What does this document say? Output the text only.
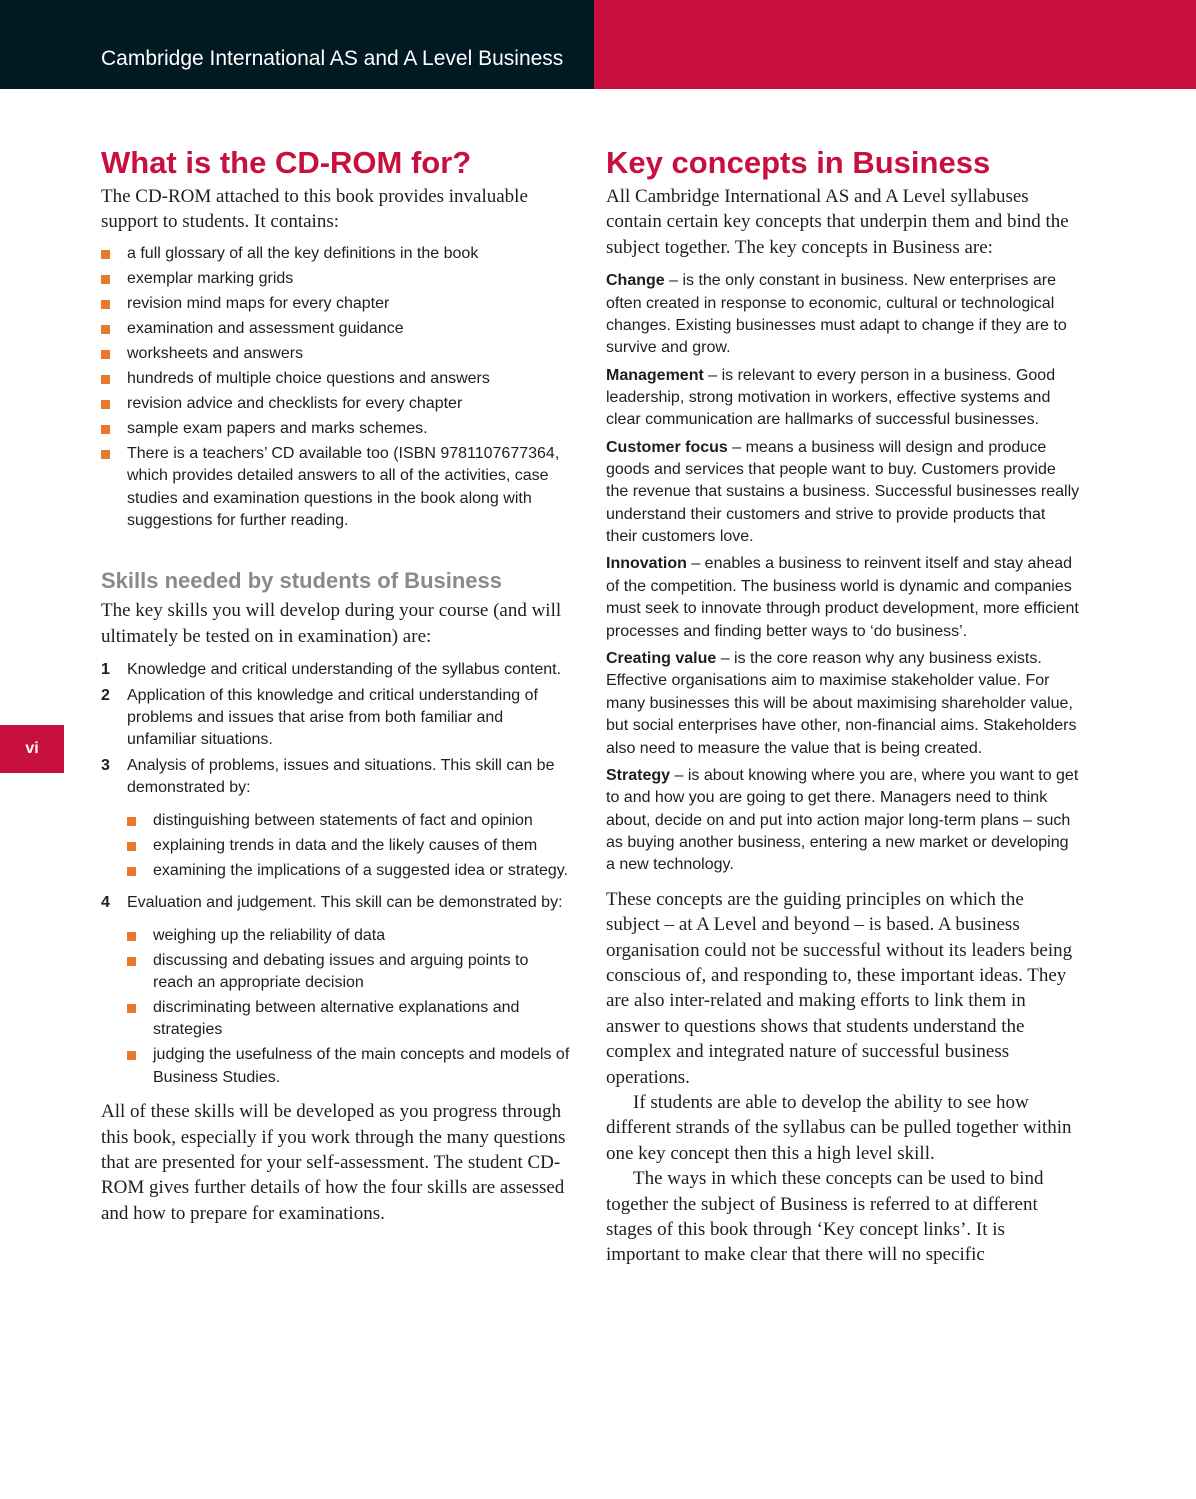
Cambridge International AS and A Level Business
vi
What is the CD-ROM for?

The CD-ROM attached to this book provides invaluable support to students. It contains:

a full glossary of all the key definitions in the book
exemplar marking grids
revision mind maps for every chapter
examination and assessment guidance
worksheets and answers
hundreds of multiple choice questions and answers
revision advice and checklists for every chapter
sample exam papers and marks schemes.
There is a teachers’ CD available too (ISBN 9781107677364, which provides detailed answers to all of the activities, case studies and examination questions in the book along with suggestions for further reading.
Skills needed by students of Business

The key skills you will develop during your course (and will ultimately be tested on in examination) are:

1 Knowledge and critical understanding of the syllabus content.
2 Application of this knowledge and critical understanding of problems and issues that arise from both familiar and unfamiliar situations.
3 Analysis of problems, issues and situations. This skill can be demonstrated by:
distinguishing between statements of fact and opinion
explaining trends in data and the likely causes of them
examining the implications of a suggested idea or strategy.
4 Evaluation and judgement. This skill can be demonstrated by:
weighing up the reliability of data
discussing and debating issues and arguing points to reach an appropriate decision
discriminating between alternative explanations and strategies
judging the usefulness of the main concepts and models of Business Studies.

All of these skills will be developed as you progress through this book, especially if you work through the many questions that are presented for your self-assessment. The student CD-ROM gives further details of how the four skills are assessed and how to prepare for examinations.

Key concepts in Business

All Cambridge International AS and A Level syllabuses contain certain key concepts that underpin them and bind the subject together. The key concepts in Business are:

Change – is the only constant in business. New enterprises are often created in response to economic, cultural or technological changes. Existing businesses must adapt to change if they are to survive and grow.

Management – is relevant to every person in a business. Good leadership, strong motivation in workers, effective systems and clear communication are hallmarks of successful businesses.

Customer focus – means a business will design and produce goods and services that people want to buy. Customers provide the revenue that sustains a business. Successful businesses really understand their customers and strive to provide products that their customers love.

Innovation – enables a business to reinvent itself and stay ahead of the competition. The business world is dynamic and companies must seek to innovate through product development, more efficient processes and finding better ways to ‘do business’.

Creating value – is the core reason why any business exists. Effective organisations aim to maximise stakeholder value. For many businesses this will be about maximising shareholder value, but social enterprises have other, non-financial aims. Stakeholders also need to measure the value that is being created.

Strategy – is about knowing where you are, where you want to get to and how you are going to get there. Managers need to think about, decide on and put into action major long-term plans – such as buying another business, entering a new market or developing a new technology.

These concepts are the guiding principles on which the subject – at A Level and beyond – is based. A business organisation could not be successful without its leaders being conscious of, and responding to, these important ideas. They are also inter-related and making efforts to link them in answer to questions shows that students understand the complex and integrated nature of successful business operations.

If students are able to develop the ability to see how different strands of the syllabus can be pulled together within one key concept then this a high level skill.

The ways in which these concepts can be used to bind together the subject of Business is referred to at different stages of this book through ‘Key concept links’. It is important to make clear that there will no specific
